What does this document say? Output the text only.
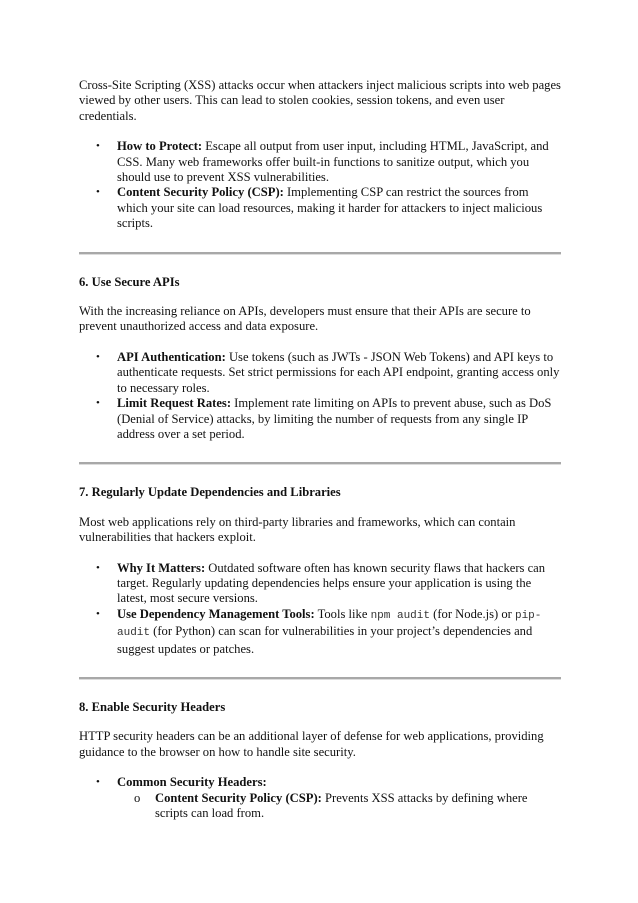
Cross-Site Scripting (XSS) attacks occur when attackers inject malicious scripts into web pages viewed by other users. This can lead to stolen cookies, session tokens, and even user credentials.

• How to Protect: Escape all output from user input, including HTML, JavaScript, and CSS. Many web frameworks offer built-in functions to sanitize output, which you should use to prevent XSS vulnerabilities.
• Content Security Policy (CSP): Implementing CSP can restrict the sources from which your site can load resources, making it harder for attackers to inject malicious scripts.
6. Use Secure APIs

With the increasing reliance on APIs, developers must ensure that their APIs are secure to prevent unauthorized access and data exposure.

• API Authentication: Use tokens (such as JWTs - JSON Web Tokens) and API keys to authenticate requests. Set strict permissions for each API endpoint, granting access only to necessary roles.
• Limit Request Rates: Implement rate limiting on APIs to prevent abuse, such as DoS (Denial of Service) attacks, by limiting the number of requests from any single IP address over a set period.
7. Regularly Update Dependencies and Libraries

Most web applications rely on third-party libraries and frameworks, which can contain vulnerabilities that hackers exploit.

• Why It Matters: Outdated software often has known security flaws that hackers can target. Regularly updating dependencies helps ensure your application is using the latest, most secure versions.
• Use Dependency Management Tools: Tools like npm audit (for Node.js) or pip-audit (for Python) can scan for vulnerabilities in your project’s dependencies and suggest updates or patches.
8. Enable Security Headers

HTTP security headers can be an additional layer of defense for web applications, providing guidance to the browser on how to handle site security.

• Common Security Headers:
o Content Security Policy (CSP): Prevents XSS attacks by defining where scripts can load from.
